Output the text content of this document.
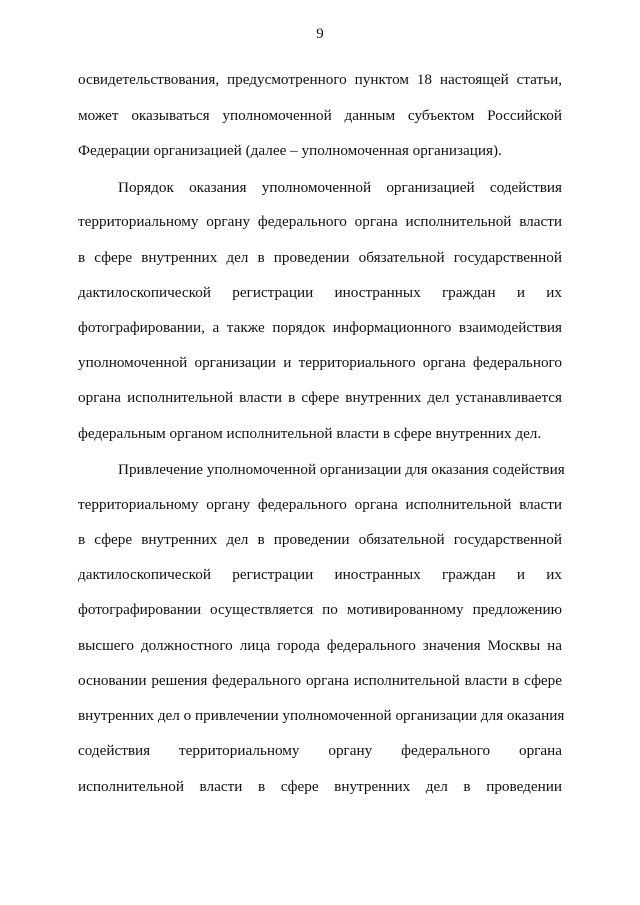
9
освидетельствования, предусмотренного пунктом 18 настоящей статьи,
может оказываться уполномоченной данным субъектом Российской
Федерации организацией (далее – уполномоченная организация).
Порядок оказания уполномоченной организацией содействия
территориальному органу федерального органа исполнительной власти
в сфере внутренних дел в проведении обязательной государственной
дактилоскопической регистрации иностранных граждан и их
фотографировании, а также порядок информационного взаимодействия
уполномоченной организации и территориального органа федерального
органа исполнительной власти в сфере внутренних дел устанавливается
федеральным органом исполнительной власти в сфере внутренних дел.
Привлечение уполномоченной организации для оказания содействия
территориальному органу федерального органа исполнительной власти
в сфере внутренних дел в проведении обязательной государственной
дактилоскопической регистрации иностранных граждан и их
фотографировании осуществляется по мотивированному предложению
высшего должностного лица города федерального значения Москвы на
основании решения федерального органа исполнительной власти в сфере
внутренних дел о привлечении уполномоченной организации для оказания
содействия территориальному органу федерального органа
исполнительной власти в сфере внутренних дел в проведении
